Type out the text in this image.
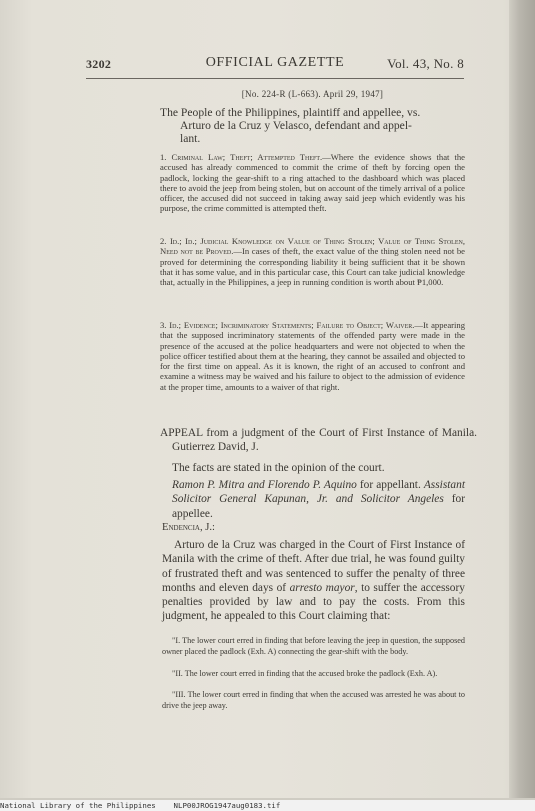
3202	OFFICIAL GAZETTE	Vol. 43, No. 8
[No. 224-R (L-663). April 29, 1947]
The People of the Philippines, plaintiff and appellee, vs.
Arturo de la Cruz y Velasco, defendant and appel-
lant.
1. Criminal Law; Theft; Attempted Theft.—Where the evidence shows that the accused has already commenced to commit the crime of theft by forcing open the padlock, locking the gear-shift to a ring attached to the dashboard which was placed there to avoid the jeep from being stolen, but on account of the timely arrival of a police officer, the accused did not succeed in taking away said jeep which evidently was his purpose, the crime committed is attempted theft.
2. Id.; Id.; Judicial Knowledge on Value of Thing Stolen; Value of Thing Stolen, Need not be Proved.—In cases of theft, the exact value of the thing stolen need not be proved for determining the corresponding liability it being sufficient that it be shown that it has some value, and in this particular case, this Court can take judicial knowledge that, actually in the Philippines, a jeep in running condition is worth about ₱1,000.
3. Id.; Evidence; Incriminatory Statements; Failure to Object; Waiver.—It appearing that the supposed incriminatory statements of the offended party were made in the presence of the accused at the police headquarters and were not objected to when the police officer testified about them at the hearing, they cannot be assailed and objected to for the first time on appeal. As it is known, the right of an accused to confront and examine a witness may be waived and his failure to object to the admission of evidence at the proper time, amounts to a waiver of that right.
APPEAL from a judgment of the Court of First Instance of Manila. Gutierrez David, J.
The facts are stated in the opinion of the court.
Ramon P. Mitra and Florendo P. Aquino for appellant. Assistant Solicitor General Kapunan, Jr. and Solicitor Angeles for appellee.
Endencia, J.:
Arturo de la Cruz was charged in the Court of First Instance of Manila with the crime of theft. After due trial, he was found guilty of frustrated theft and was sentenced to suffer the penalty of three months and eleven days of arresto mayor, to suffer the accessory penalties provided by law and to pay the costs. From this judgment, he appealed to this Court claiming that:
"I. The lower court erred in finding that before leaving the jeep in question, the supposed owner placed the padlock (Exh. A) connecting the gear-shift with the body.
"II. The lower court erred in finding that the accused broke the padlock (Exh. A).
"III. The lower court erred in finding that when the accused was arrested he was about to drive the jeep away.
National Library of the Philippines NLP00JROG1947aug0183.tif
